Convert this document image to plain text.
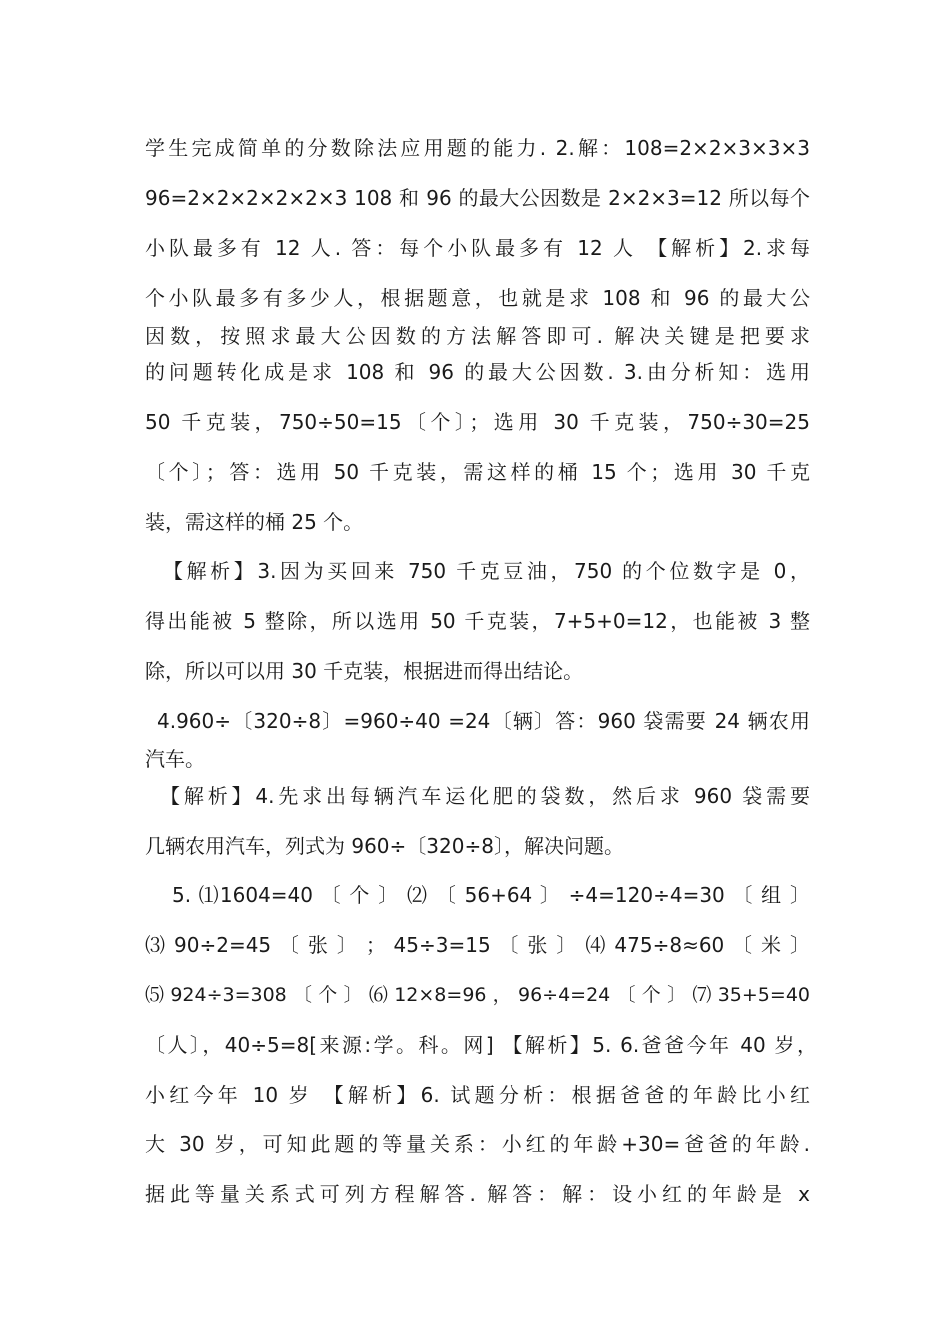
学生完成简单的分数除法应用题的能力. 2.解：108=2×2×3×3×3
96=2×2×2×2×2×3 108 和 96 的最大公因数是 2×2×3=12 所以每个
小队最多有 12 人. 答：每个小队最多有 12 人 【解析】2.求每
个小队最多有多少人，根据题意，也就是求 108 和 96 的最大公
因数，按照求最大公因数的方法解答即可. 解决关键是把要求
的问题转化成是求 108 和 96 的最大公因数. 3.由分析知：选用
50 千克装，750÷50=15〔个〕；选用 30 千克装，750÷30=25
〔个〕；答：选用 50 千克装，需这样的桶 15 个；选用 30 千克
装，需这样的桶 25 个。
【解析】3.因为买回来 750 千克豆油，750 的个位数字是 0，
得出能被 5 整除，所以选用 50 千克装，7+5+0=12，也能被 3 整
除，所以可以用 30 千克装，根据进而得出结论。
4.960÷〔320÷8〕=960÷40 =24〔辆〕答：960 袋需要 24 辆农用
汽车。
【解析】4.先求出每辆汽车运化肥的袋数，然后求 960 袋需要
几辆农用汽车，列式为 960÷〔320÷8〕，解决问题。
5. ⑴1604=40 〔 个 〕 ⑵ 〔 56+64 〕 ÷4=120÷4=30 〔 组 〕
⑶ 90÷2=45 〔 张 〕 ； 45÷3=15 〔 张 〕 ⑷ 475÷8≈60 〔 米 〕
⑸ 924÷3=308 〔 个 〕 ⑹ 12×8=96 ， 96÷4=24 〔 个 〕 ⑺ 35+5=40
〔人〕，40÷5=8[来源:学。科。网] 【解析】5. 6.爸爸今年 40 岁，
小红今年 10 岁 【解析】6. 试题分析：根据爸爸的年龄比小红
大 30 岁，可知此题的等量关系：小红的年龄+30=爸爸的年龄.
据此等量关系式可列方程解答. 解答：解：设小红的年龄是 x
